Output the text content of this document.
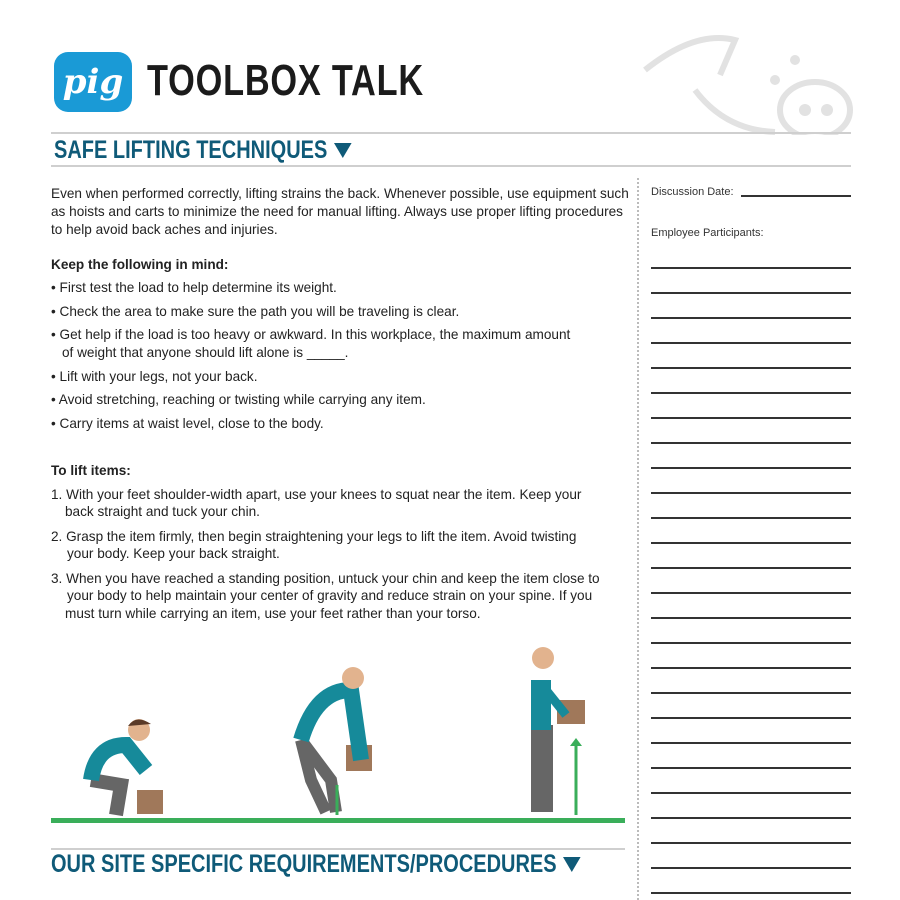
pig TOOLBOX TALK
SAFE LIFTING TECHNIQUES
Even when performed correctly, lifting strains the back. Whenever possible, use equipment such as hoists and carts to minimize the need for manual lifting. Always use proper lifting procedures to help avoid back aches and injuries.
Keep the following in mind:
• First test the load to help determine its weight.
• Check the area to make sure the path you will be traveling is clear.
• Get help if the load is too heavy or awkward. In this workplace, the maximum amount
of weight that anyone should lift alone is _____.
• Lift with your legs, not your back.
• Avoid stretching, reaching or twisting while carrying any item.
• Carry items at waist level, close to the body.
To lift items:
1. With your feet shoulder-width apart, use your knees to squat near the item. Keep your
back straight and tuck your chin.
2. Grasp the item firmly, then begin straightening your legs to lift the item. Avoid twisting
your body. Keep your back straight.
3. When you have reached a standing position, untuck your chin and keep the item close to
your body to help maintain your center of gravity and reduce strain on your spine. If you
must turn while carrying an item, use your feet rather than your torso.
OUR SITE SPECIFIC REQUIREMENTS/PROCEDURES
Discussion Date:
Employee Participants:
